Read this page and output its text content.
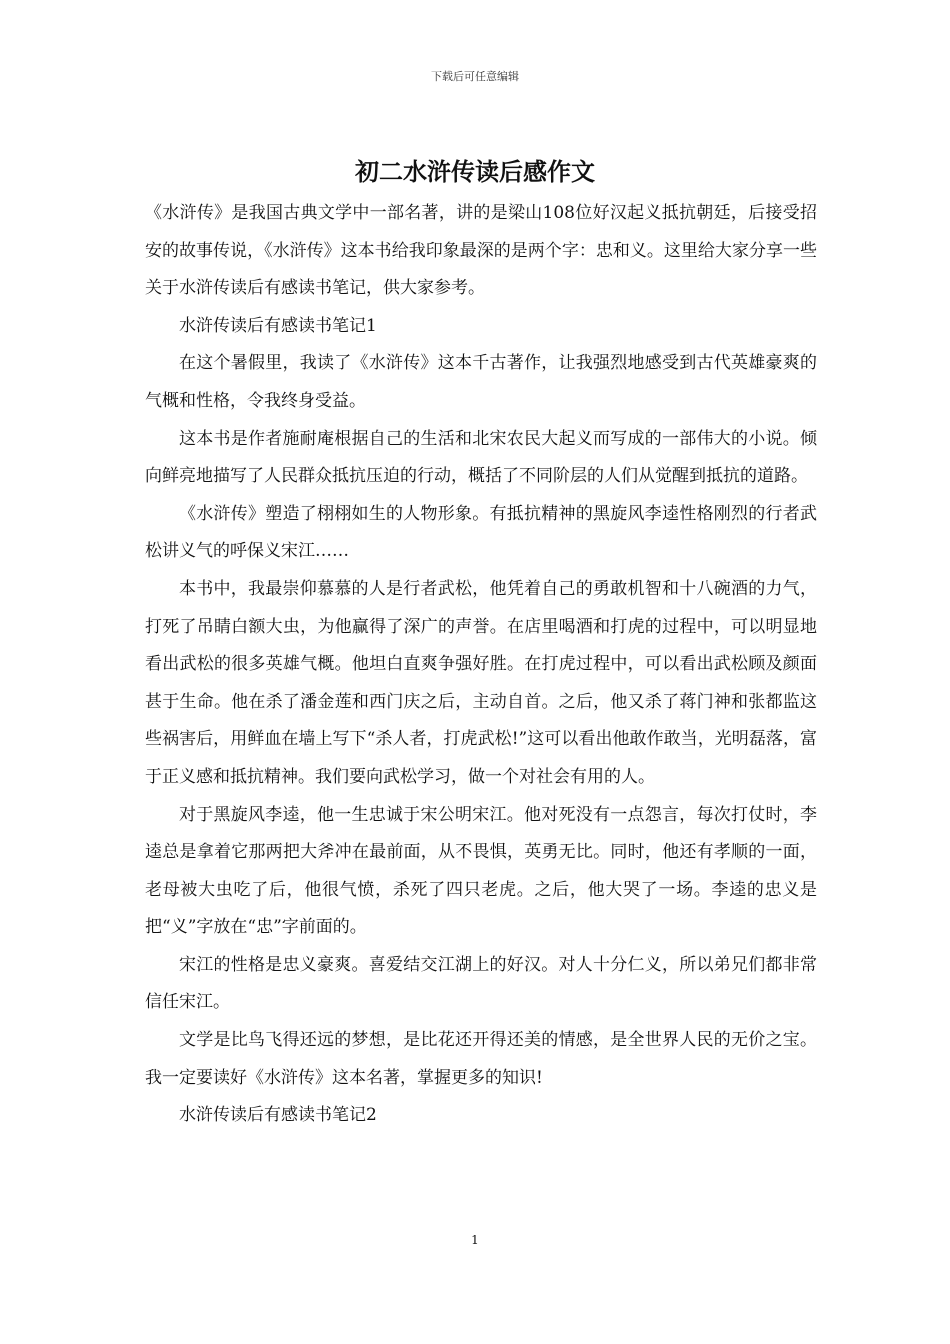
下载后可任意编辑
初二水浒传读后感作文

《水浒传》是我国古典文学中一部名著，讲的是梁山108位好汉起义抵抗朝廷，后接受招安的故事传说，《水浒传》这本书给我印象最深的是两个字：忠和义。这里给大家分享一些关于水浒传读后有感读书笔记，供大家参考。

水浒传读后有感读书笔记1

在这个暑假里，我读了《水浒传》这本千古著作，让我强烈地感受到古代英雄豪爽的气概和性格，令我终身受益。

这本书是作者施耐庵根据自己的生活和北宋农民大起义而写成的一部伟大的小说。倾向鲜亮地描写了人民群众抵抗压迫的行动，概括了不同阶层的人们从觉醒到抵抗的道路。

《水浒传》塑造了栩栩如生的人物形象。有抵抗精神的黑旋风李逵性格刚烈的行者武松讲义气的呼保义宋江……

本书中，我最崇仰慕慕的人是行者武松，他凭着自己的勇敢机智和十八碗酒的力气，打死了吊睛白额大虫，为他赢得了深广的声誉。在店里喝酒和打虎的过程中，可以明显地看出武松的很多英雄气概。他坦白直爽争强好胜。在打虎过程中，可以看出武松顾及颜面甚于生命。他在杀了潘金莲和西门庆之后，主动自首。之后，他又杀了蒋门神和张都监这些祸害后，用鲜血在墙上写下“杀人者，打虎武松!”这可以看出他敢作敢当，光明磊落，富于正义感和抵抗精神。我们要向武松学习，做一个对社会有用的人。

对于黑旋风李逵，他一生忠诚于宋公明宋江。他对死没有一点怨言，每次打仗时，李逵总是拿着它那两把大斧冲在最前面，从不畏惧，英勇无比。同时，他还有孝顺的一面，老母被大虫吃了后，他很气愤，杀死了四只老虎。之后，他大哭了一场。李逵的忠义是把“义”字放在“忠”字前面的。

宋江的性格是忠义豪爽。喜爱结交江湖上的好汉。对人十分仁义，所以弟兄们都非常信任宋江。

文学是比鸟飞得还远的梦想，是比花还开得还美的情感，是全世界人民的无价之宝。我一定要读好《水浒传》这本名著，掌握更多的知识!

水浒传读后有感读书笔记2

1
